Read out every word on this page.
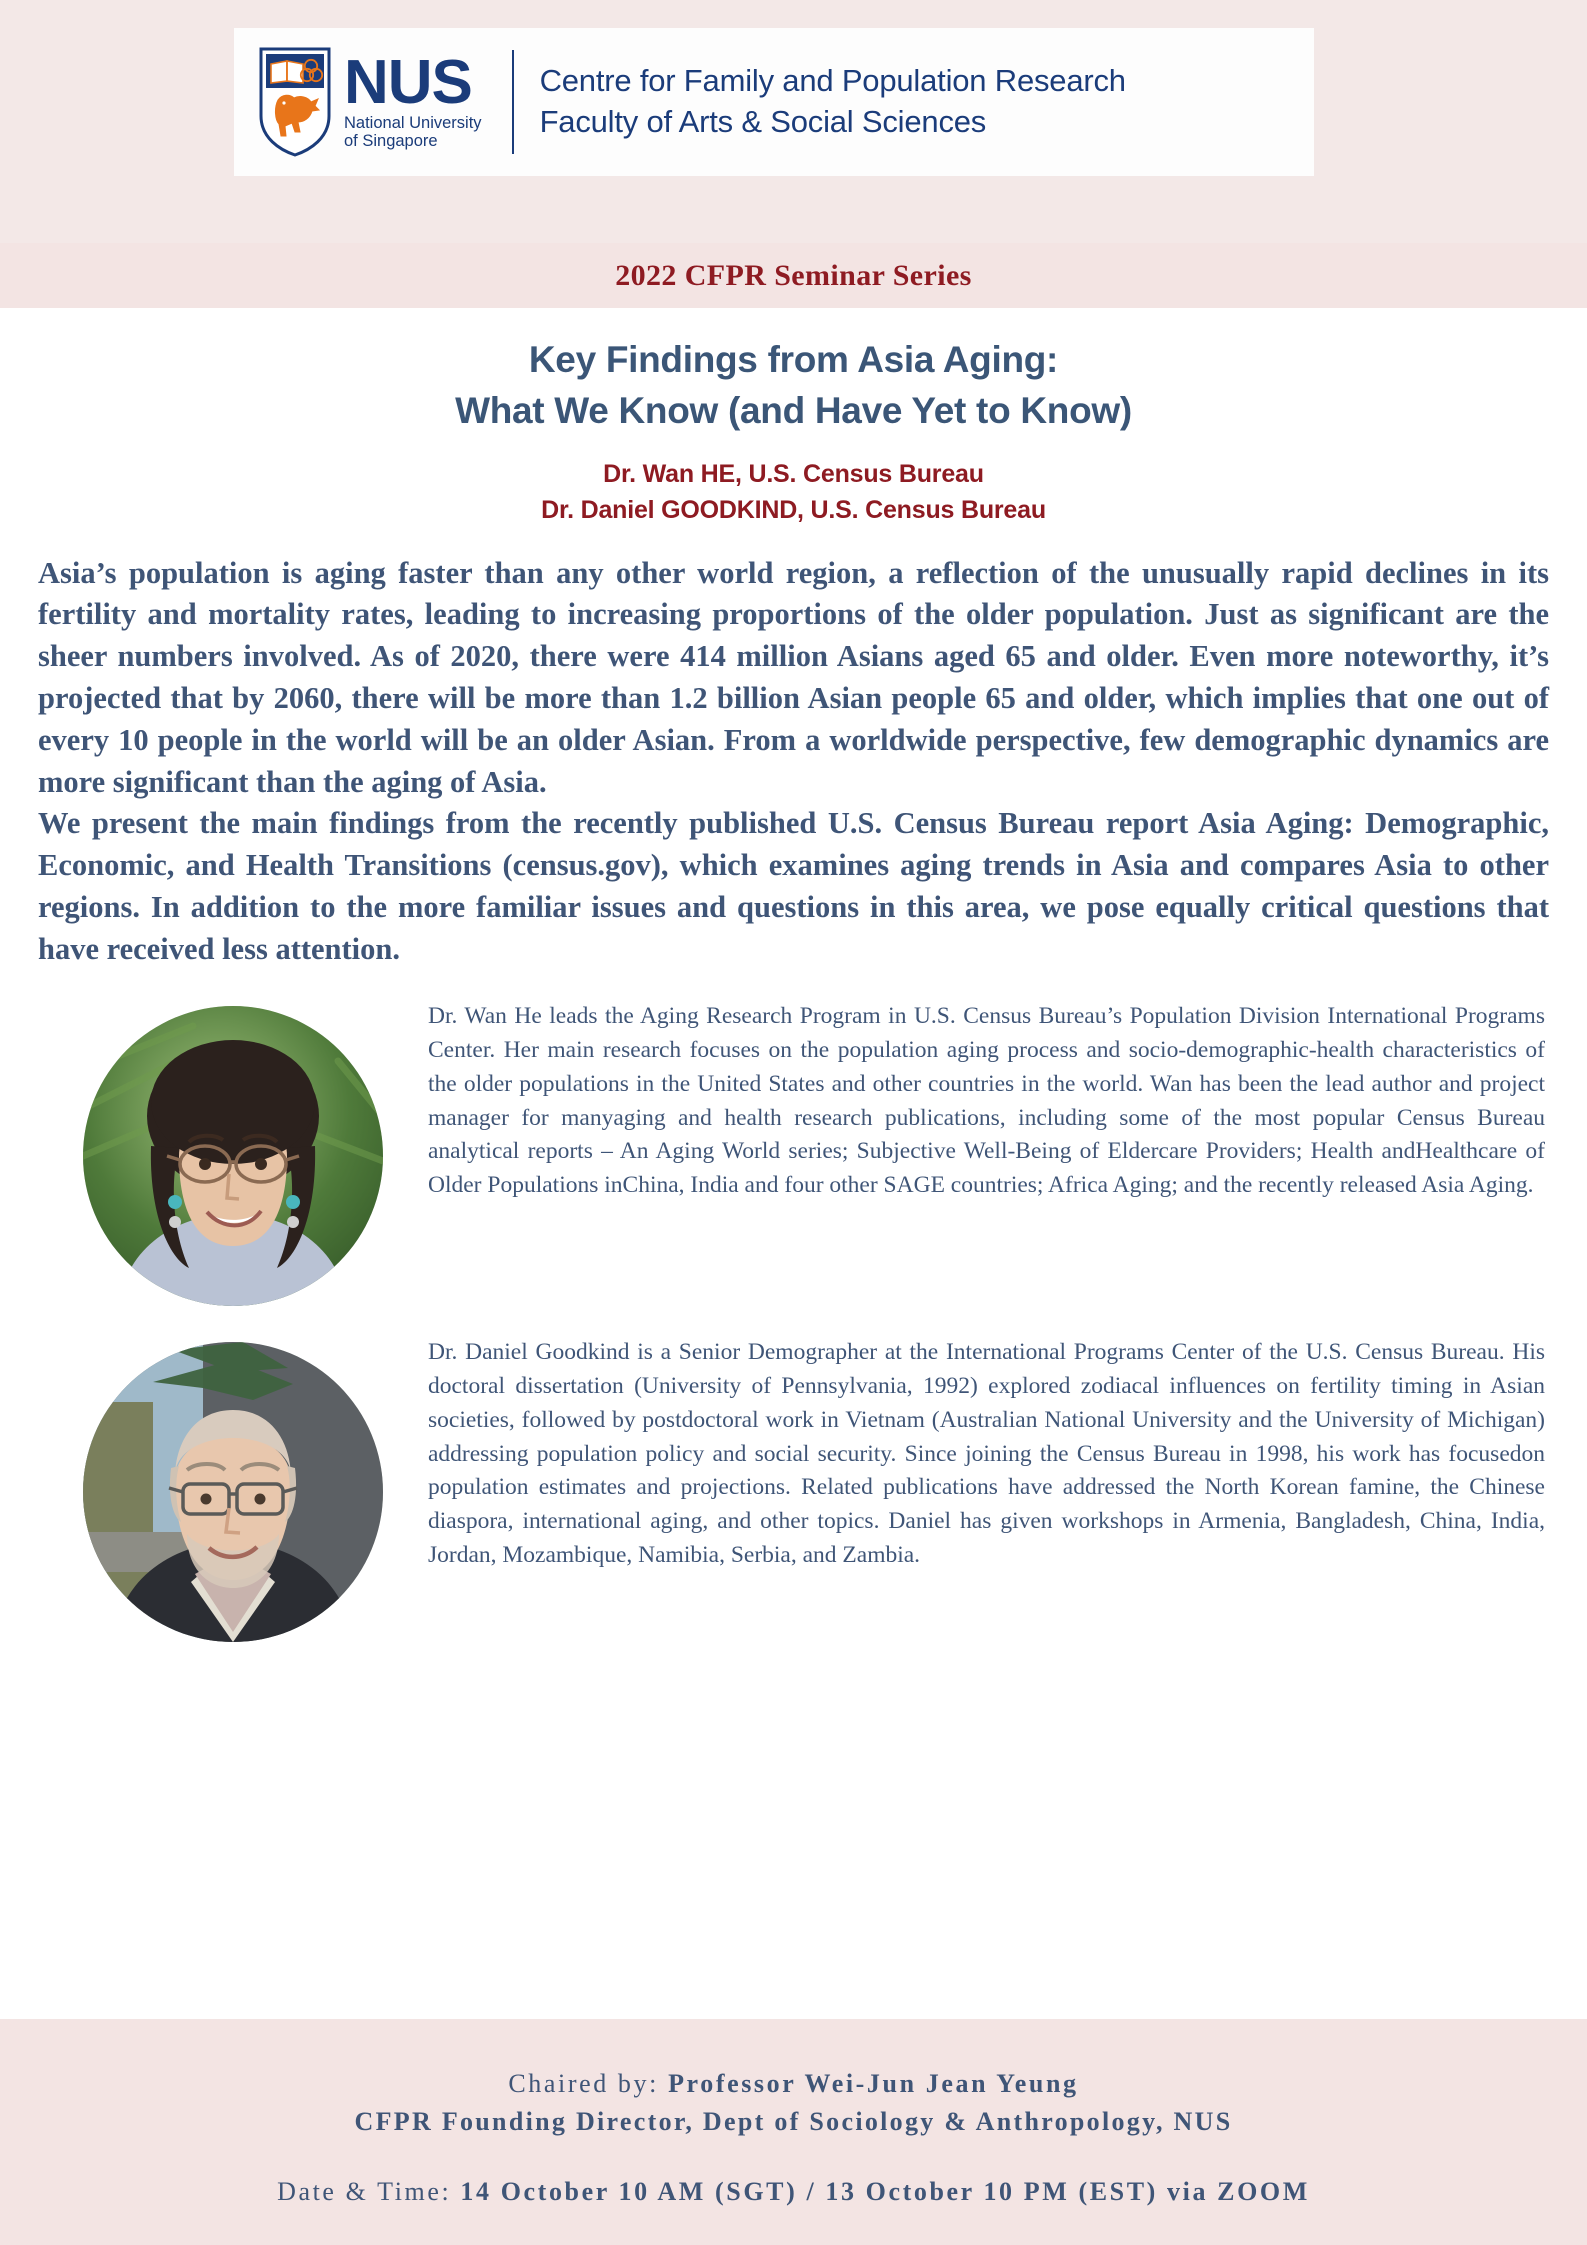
NUS
National University
of Singapore
Centre for Family and Population Research
Faculty of Arts & Social Sciences
2022 CFPR Seminar Series
Key Findings from Asia Aging:
What We Know (and Have Yet to Know)
Dr. Wan HE, U.S. Census Bureau
Dr. Daniel GOODKIND, U.S. Census Bureau

Asia’s population is aging faster than any other world region, a reflection of the unusually rapid declines in its fertility and mortality rates, leading to increasing proportions of the older population. Just as significant are the sheer numbers involved. As of 2020, there were 414 million Asians aged 65 and older. Even more noteworthy, it’s projected that by 2060, there will be more than 1.2 billion Asian people 65 and older, which implies that one out of every 10 people in the world will be an older Asian. From a worldwide perspective, few demographic dynamics are more significant than the aging of Asia.

We present the main findings from the recently published U.S. Census Bureau report Asia Aging: Demographic, Economic, and Health Transitions (census.gov), which examines aging trends in Asia and compares Asia to other regions. In addition to the more familiar issues and questions in this area, we pose equally critical questions that have received less attention.

Dr. Wan He leads the Aging Research Program in U.S. Census Bureau’s Population Division International Programs Center. Her main research focuses on the population aging process and socio-demographic-health characteristics of the older populations in the United States and other countries in the world. Wan has been the lead author and project manager for manyaging and health research publications, including some of the most popular Census Bureau analytical reports – An Aging World series; Subjective Well-Being of Eldercare Providers; Health andHealthcare of Older Populations inChina, India and four other SAGE countries; Africa Aging; and the recently released Asia Aging.
Dr. Daniel Goodkind is a Senior Demographer at the International Programs Center of the U.S. Census Bureau. His doctoral dissertation (University of Pennsylvania, 1992) explored zodiacal influences on fertility timing in Asian societies, followed by postdoctoral work in Vietnam (Australian National University and the University of Michigan) addressing population policy and social security. Since joining the Census Bureau in 1998, his work has focusedon population estimates and projections. Related publications have addressed the North Korean famine, the Chinese diaspora, international aging, and other topics. Daniel has given workshops in Armenia, Bangladesh, China, India, Jordan, Mozambique, Namibia, Serbia, and Zambia.
Chaired by: Professor Wei-Jun Jean Yeung
CFPR Founding Director, Dept of Sociology & Anthropology, NUS
Date & Time: 14 October 10 AM (SGT) / 13 October 10 PM (EST) via ZOOM
